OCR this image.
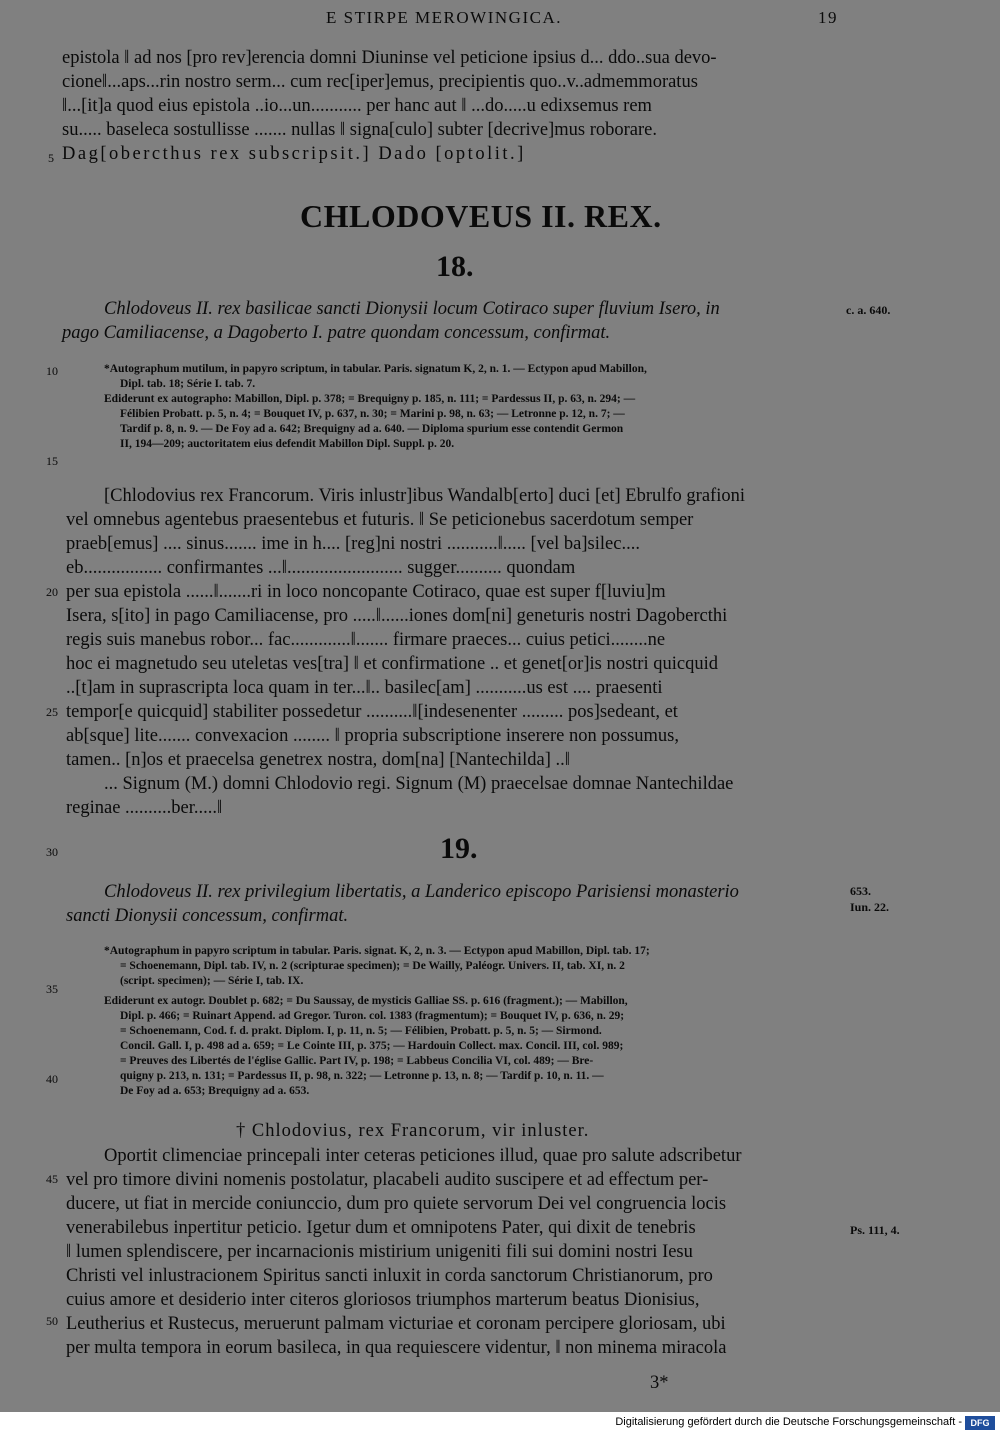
E STIRPE MEROWINGICA.	19
epistola ‖ ad nos [pro rev]erencia domni Diuninse vel peticione ipsius d... ddo..sua devo-
cione‖...aps...rin nostro serm... cum rec[iper]emus, precipientis quo..v..admemmoratus
‖...[it]a quod eius epistola ..io...un........... per hanc aut ‖ ...do.....u edixsemus rem
su..... baseleca sostullisse ....... nullas ‖ signa[culo] subter [decrive]mus roborare.
Dag[obercthus rex subscripsit.] Dado [optolit.]
CHLODOVEUS II. REX.
18.
Chlodoveus II. rex basilicae sancti Dionysii locum Cotiraco super fluvium Isero, in
pago Camiliacense, a Dagoberto I. patre quondam concessum, confirmat.
c. a. 640.
*Autographum mutilum, in papyro scriptum, in tabular. Paris. signatum K, 2, n. 1. — Ectypon apud Mabillon,
Dipl. tab. 18; Série I. tab. 7.
Ediderunt ex autographo: Mabillon, Dipl. p. 378; = Brequigny p. 185, n. 111; = Pardessus II, p. 63, n. 294; —
Félibien Probatt. p. 5, n. 4; = Bouquet IV, p. 637, n. 30; = Marini p. 98, n. 63; — Letronne p. 12, n. 7; —
Tardif p. 8, n. 9. — De Foy ad a. 642; Brequigny ad a. 640. — Diploma spurium esse contendit Germon
II, 194—209; auctoritatem eius defendit Mabillon Dipl. Suppl. p. 20.
[Chlodovius rex Francorum. Viris inlustr]ibus Wandalb[erto] duci [et] Ebrulfo grafioni
vel omnebus agentebus praesentebus et futuris. ‖ Se peticionebus sacerdotum semper
praeb[emus] .... sinus....... ime in h.... [reg]ni nostri ...........‖..... [vel ba]silec....
eb................. confirmantes ...‖......................... sugger.......... quondam
per sua epistola ......‖.......ri in loco noncopante Cotiraco, quae est super f[luviu]m
Isera, s[ito] in pago Camiliacense, pro .....‖......iones dom[ni] geneturis nostri Dagobercthi
regis suis manebus robor... fac.............‖....... firmare praeces... cuius petici........ne
hoc ei magnetudo seu uteletas ves[tra] ‖ et confirmatione .. et genet[or]is nostri quicquid
..[t]am in suprascripta loca quam in ter...‖.. basilec[am] ...........us est .... praesenti
tempor[e quicquid] stabiliter possedetur ..........‖[indesenenter ......... pos]sedeant, et
ab[sque] lite....... convexacion ........ ‖ propria subscriptione inserere non possumus,
tamen.. [n]os et praecelsa genetrex nostra, dom[na] [Nantechilda] ..‖
... Signum (M.) domni Chlodovio regi. Signum (M) praecelsae domnae Nantechildae
reginae ..........ber.....‖
19.
Chlodoveus II. rex privilegium libertatis, a Landerico episcopo Parisiensi monasterio
sancti Dionysii concessum, confirmat.
653.
Iun. 22.
*Autographum in papyro scriptum in tabular. Paris. signat. K, 2, n. 3. — Ectypon apud Mabillon, Dipl. tab. 17;
= Schoenemann, Dipl. tab. IV, n. 2 (scripturae specimen); = De Wailly, Paléogr. Univers. II, tab. XI, n. 2
(script. specimen); — Série I, tab. IX.
Ediderunt ex autogr. Doublet p. 682; = Du Saussay, de mysticis Galliae SS. p. 616 (fragment.); — Mabillon,
Dipl. p. 466; = Ruinart Append. ad Gregor. Turon. col. 1383 (fragmentum); = Bouquet IV, p. 636, n. 29;
= Schoenemann, Cod. f. d. prakt. Diplom. I, p. 11, n. 5; — Félibien, Probatt. p. 5, n. 5; — Sirmond.
Concil. Gall. I, p. 498 ad a. 659; = Le Cointe III, p. 375; — Hardouin Collect. max. Concil. III, col. 989;
= Preuves des Libertés de l'église Gallic. Part IV, p. 198; = Labbeus Concilia VI, col. 489; — Bre-
quigny p. 213, n. 131; = Pardessus II, p. 98, n. 322; — Letronne p. 13, n. 8; — Tardif p. 10, n. 11. —
De Foy ad a. 653; Brequigny ad a. 653.
† Chlodovius, rex Francorum, vir inluster.
Oportit climenciae princepali inter ceteras peticiones illud, quae pro salute adscribetur
vel pro timore divini nomenis postolatur, placabeli audito suscipere et ad effectum per-
ducere, ut fiat in mercide coniunccio, dum pro quiete servorum Dei vel congruencia locis
venerabilebus inpertitur peticio. Igetur dum et omnipotens Pater, qui dixit de tenebris
‖ lumen splendiscere, per incarnacionis mistirium unigeniti fili sui domini nostri Iesu
Christi vel inlustracionem Spiritus sancti inluxit in corda sanctorum Christianorum, pro
cuius amore et desiderio inter citeros gloriosos triumphos marterum beatus Dionisius,
Leutherius et Rustecus, meruerunt palmam victuriae et coronam percipere gloriosam, ubi
per multa tempora in eorum basileca, in qua requiescere videntur, ‖ non minema miracola
Ps. 111, 4.
5
10
15
20
25
30
35
40
45
50
3*
Digitalisierung gefördert durch die Deutsche Forschungsgemeinschaft - DFG
